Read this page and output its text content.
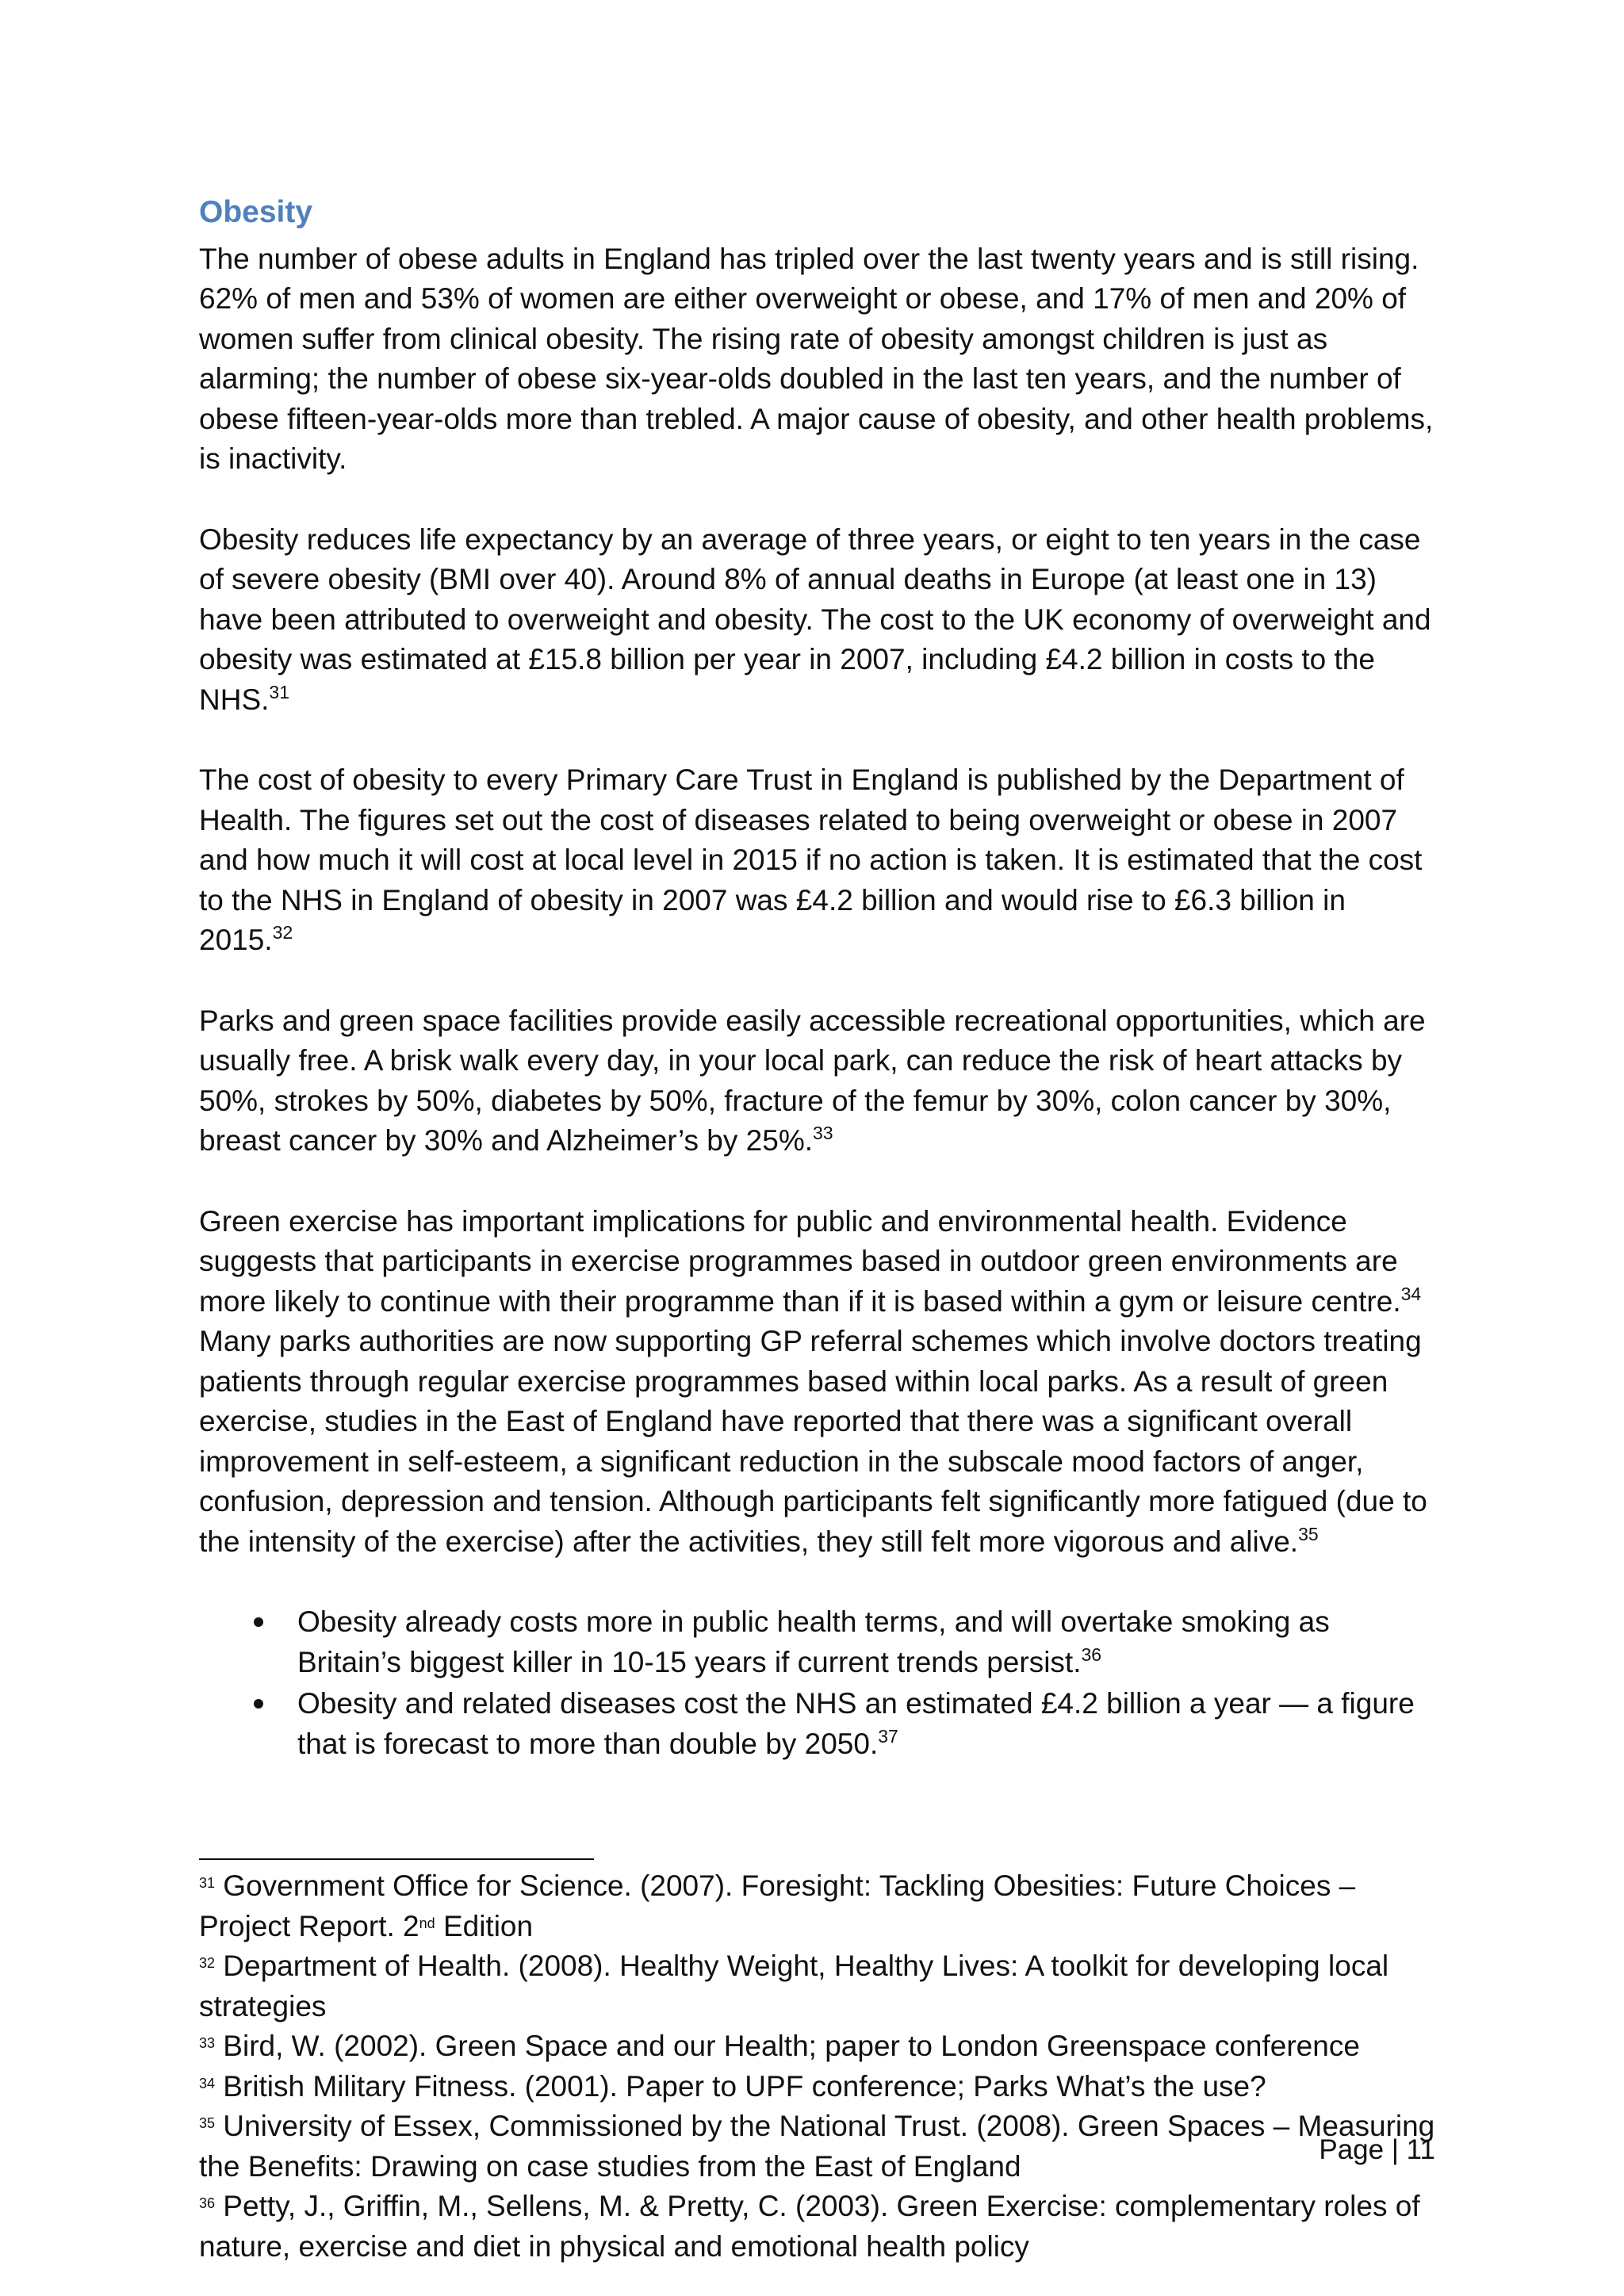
Obesity

The number of obese adults in England has tripled over the last twenty years and is still rising. 62% of men and 53% of women are either overweight or obese, and 17% of men and 20% of women suffer from clinical obesity. The rising rate of obesity amongst children is just as alarming; the number of obese six-year-olds doubled in the last ten years, and the number of obese fifteen-year-olds more than trebled. A major cause of obesity, and other health problems, is inactivity.

Obesity reduces life expectancy by an average of three years, or eight to ten years in the case of severe obesity (BMI over 40). Around 8% of annual deaths in Europe (at least one in 13) have been attributed to overweight and obesity. The cost to the UK economy of overweight and obesity was estimated at £15.8 billion per year in 2007, including £4.2 billion in costs to the NHS.$^{31}$

The cost of obesity to every Primary Care Trust in England is published by the Department of Health. The figures set out the cost of diseases related to being overweight or obese in 2007 and how much it will cost at local level in 2015 if no action is taken. It is estimated that the cost to the NHS in England of obesity in 2007 was £4.2 billion and would rise to £6.3 billion in 2015.32

Parks and green space facilities provide easily accessible recreational opportunities, which are usually free. A brisk walk every day, in your local park, can reduce the risk of heart attacks by 50%, strokes by 50%, diabetes by 50%, fracture of the femur by 30%, colon cancer by 30%, breast cancer by 30% and Alzheimer’s by 25%.$^{33}$

Green exercise has important implications for public and environmental health. Evidence suggests that participants in exercise programmes based in outdoor green environments are more likely to continue with their programme than if it is based within a gym or leisure centre.$^{34}$ Many parks authorities are now supporting GP referral schemes which involve doctors treating patients through regular exercise programmes based within local parks. As a result of green exercise, studies in the East of England have reported that there was a significant overall improvement in self-esteem, a significant reduction in the subscale mood factors of anger, confusion, depression and tension. Although participants felt significantly more fatigued (due to the intensity of the exercise) after the activities, they still felt more vigorous and alive.$^{35}$

Obesity already costs more in public health terms, and will overtake smoking as Britain’s biggest killer in 10-15 years if current trends persist.$^{36}$
Obesity and related diseases cost the NHS an estimated £4.2 billion a year — a figure that is forecast to more than double by 2050.37

$^{31}$ Government Office for Science. (2007). Foresight: Tackling Obesities: Future Choices – Project Report. 2nd Edition

$^{32}$ Department of Health. (2008). Healthy Weight, Healthy Lives: A toolkit for developing local strategies

$^{33}$ Bird, W. (2002). Green Space and our Health; paper to London Greenspace conference

$^{34}$ British Military Fitness. (2001). Paper to UPF conference; Parks What’s the use?

$^{35}$ University of Essex, Commissioned by the National Trust. (2008). Green Spaces – Measuring the Benefits: Drawing on case studies from the East of England

$^{36}$ Petty, J., Griffin, M., Sellens, M. & Pretty, C. (2003). Green Exercise: complementary roles of nature, exercise and diet in physical and emotional health policy

Page | 11
